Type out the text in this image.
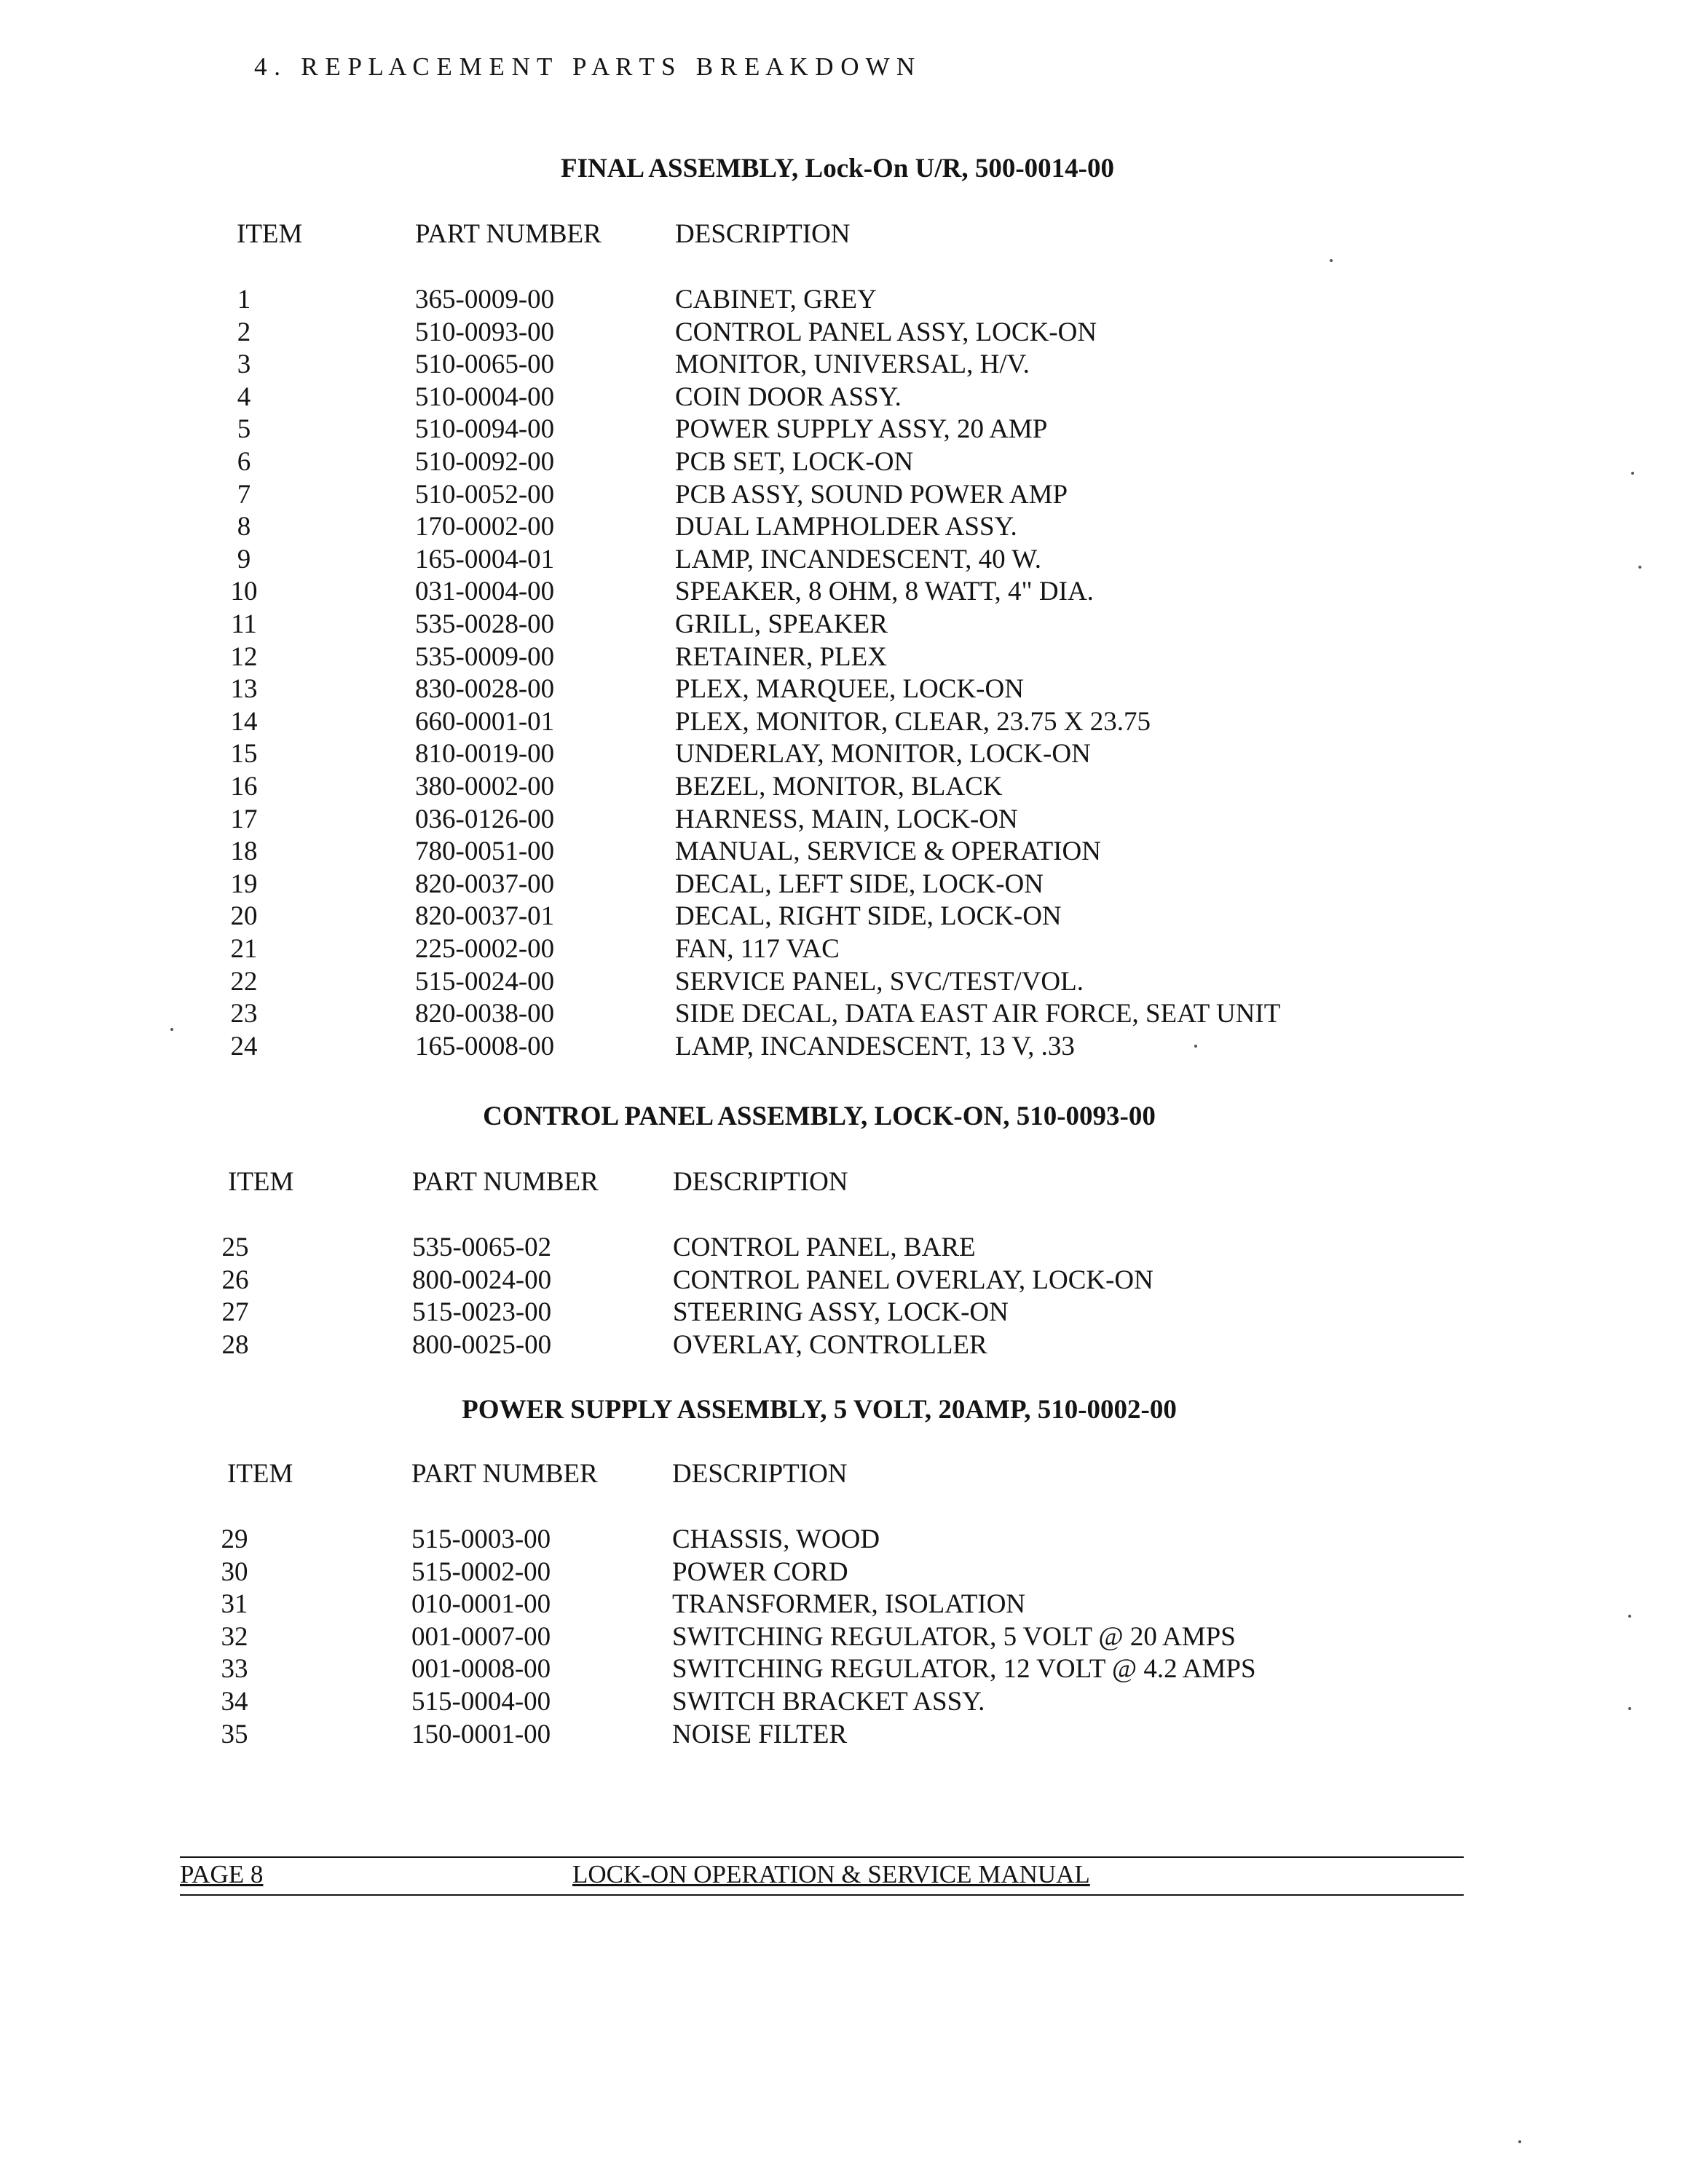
4 .   R E P L A C E M E N T   P A R T S   B R E A K D O W N
FINAL ASSEMBLY, Lock-On U/R, 500-0014-00
ITEM	PART NUMBER	DESCRIPTION
1	365-0009-00	CABINET, GREY
2	510-0093-00	CONTROL PANEL ASSY, LOCK-ON
3	510-0065-00	MONITOR, UNIVERSAL, H/V.
4	510-0004-00	COIN DOOR ASSY.
5	510-0094-00	POWER SUPPLY ASSY, 20 AMP
6	510-0092-00	PCB SET, LOCK-ON
7	510-0052-00	PCB ASSY, SOUND POWER AMP
8	170-0002-00	DUAL LAMPHOLDER ASSY.
9	165-0004-01	LAMP, INCANDESCENT, 40 W.
10	031-0004-00	SPEAKER, 8 OHM, 8 WATT, 4" DIA.
11	535-0028-00	GRILL, SPEAKER
12	535-0009-00	RETAINER, PLEX
13	830-0028-00	PLEX, MARQUEE, LOCK-ON
14	660-0001-01	PLEX, MONITOR, CLEAR, 23.75 X 23.75
15	810-0019-00	UNDERLAY, MONITOR, LOCK-ON
16	380-0002-00	BEZEL, MONITOR, BLACK
17	036-0126-00	HARNESS, MAIN, LOCK-ON
18	780-0051-00	MANUAL, SERVICE & OPERATION
19	820-0037-00	DECAL, LEFT SIDE, LOCK-ON
20	820-0037-01	DECAL, RIGHT SIDE, LOCK-ON
21	225-0002-00	FAN, 117 VAC
22	515-0024-00	SERVICE PANEL, SVC/TEST/VOL.
23	820-0038-00	SIDE DECAL, DATA EAST AIR FORCE, SEAT UNIT
24	165-0008-00	LAMP, INCANDESCENT, 13 V, .33
CONTROL PANEL ASSEMBLY, LOCK-ON, 510-0093-00
ITEM	PART NUMBER	DESCRIPTION
25	535-0065-02	CONTROL PANEL, BARE
26	800-0024-00	CONTROL PANEL OVERLAY, LOCK-ON
27	515-0023-00	STEERING ASSY, LOCK-ON
28	800-0025-00	OVERLAY, CONTROLLER
POWER SUPPLY ASSEMBLY, 5 VOLT, 20AMP, 510-0002-00
ITEM	PART NUMBER	DESCRIPTION
29	515-0003-00	CHASSIS, WOOD
30	515-0002-00	POWER CORD
31	010-0001-00	TRANSFORMER, ISOLATION
32	001-0007-00	SWITCHING REGULATOR, 5 VOLT @ 20 AMPS
33	001-0008-00	SWITCHING REGULATOR, 12 VOLT @ 4.2 AMPS
34	515-0004-00	SWITCH BRACKET ASSY.
35	150-0001-00	NOISE FILTER
PAGE 8	LOCK-ON OPERATION & SERVICE MANUAL
